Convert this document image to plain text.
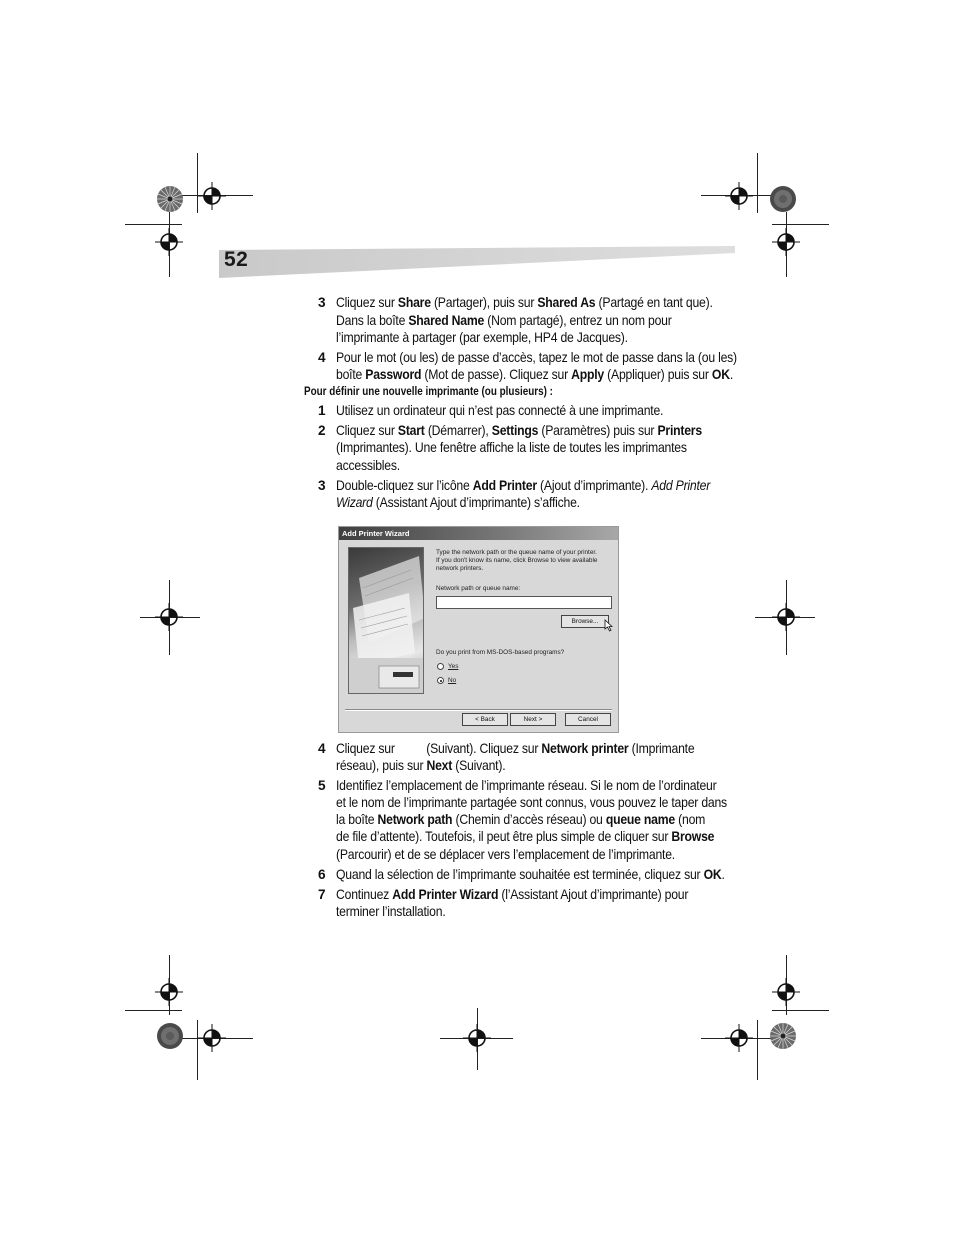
52
3 Cliquez sur Share (Partager), puis sur Shared As (Partagé en tant que).
Dans la boîte Shared Name (Nom partagé), entrez un nom pour
l’imprimante à partager (par exemple, HP4 de Jacques).
4 Pour le mot (ou les) de passe d’accès, tapez le mot de passe dans la (ou les)
boîte Password (Mot de passe). Cliquez sur Apply (Appliquer) puis sur OK.
Pour définir une nouvelle imprimante (ou plusieurs) :
1 Utilisez un ordinateur qui n’est pas connecté à une imprimante.
2 Cliquez sur Start (Démarrer), Settings (Paramètres) puis sur Printers
(Imprimantes). Une fenêtre affiche la liste de toutes les imprimantes
accessibles.
3 Double-cliquez sur l’icône Add Printer (Ajout d’imprimante). Add Printer
Wizard (Assistant Ajout d’imprimante) s’affiche.
Add Printer Wizard
Type the network path or the queue name of your printer.
If you don't know its name, click Browse to view available
network printers.
Network path or queue name:
Browse...
Do you print from MS-DOS-based programs?
Yes
No
< Back	Next >	Cancel
4 Cliquez sur (Suivant). Cliquez sur Network printer (Imprimante
réseau), puis sur Next (Suivant).
5 Identifiez l’emplacement de l’imprimante réseau. Si le nom de l’ordinateur
et le nom de l’imprimante partagée sont connus, vous pouvez le taper dans
la boîte Network path (Chemin d’accès réseau) ou queue name (nom
de file d’attente). Toutefois, il peut être plus simple de cliquer sur Browse
(Parcourir) et de se déplacer vers l’emplacement de l’imprimante.
6 Quand la sélection de l’imprimante souhaitée est terminée, cliquez sur OK.
7 Continuez Add Printer Wizard (l’Assistant Ajout d’imprimante) pour
terminer l’installation.
